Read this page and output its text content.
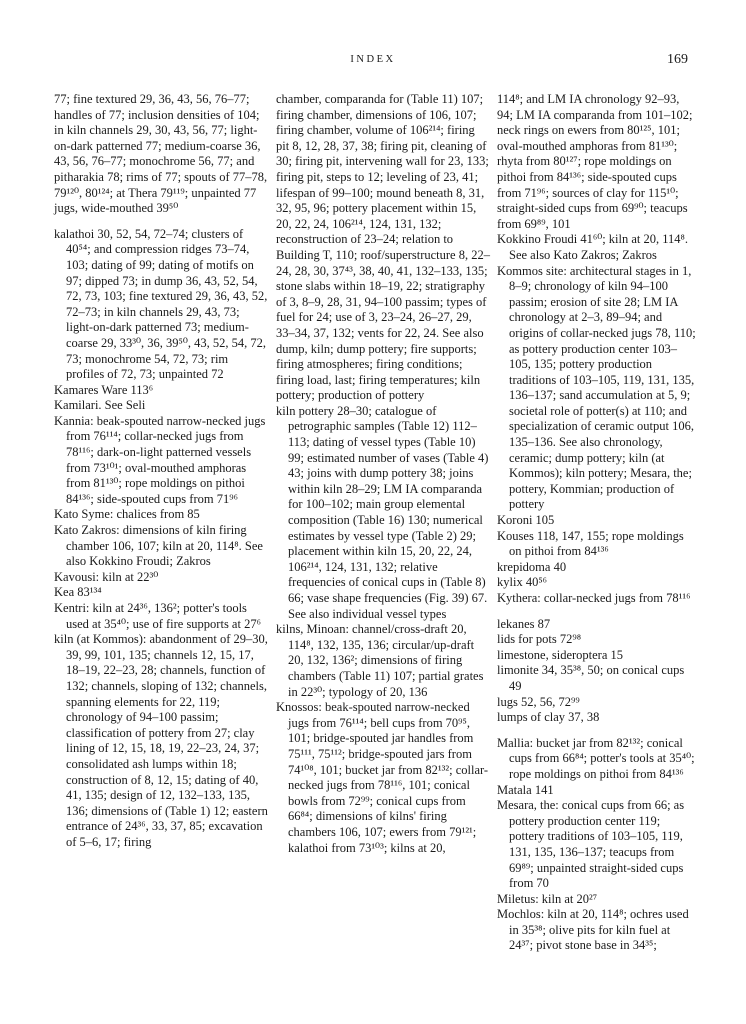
INDEX	169

77; fine textured 29, 36, 43, 56, 76–77; handles of 77; inclusion densities of 104; in kiln channels 29, 30, 43, 56, 77; light-on-dark patterned 77; medium-coarse 36, 43, 56, 76–77; monochrome 56, 77; and pitharakia 78; rims of 77; spouts of 77–78, 79¹²⁰, 80¹²⁴; at Thera 79¹¹⁹; unpainted 77

jugs, wide-mouthed 39⁵⁰

kalathoi 30, 52, 54, 72–74; clusters of 40⁵⁴; and compression ridges 73–74, 103; dating of 99; dating of motifs on 97; dipped 73; in dump 36, 43, 52, 54, 72, 73, 103; fine textured 29, 36, 43, 52, 72–73; in kiln channels 29, 43, 73; light-on-dark patterned 73; medium-coarse 29, 33³⁰, 36, 39⁵⁰, 43, 52, 54, 72, 73; monochrome 54, 72, 73; rim profiles of 72, 73; unpainted 72

Kamares Ware 113⁶

Kamilari. See Seli

Kannia: beak-spouted narrow-necked jugs from 76¹¹⁴; collar-necked jugs from 78¹¹⁶; dark-on-light patterned vessels from 73¹⁰¹; oval-mouthed amphoras from 81¹³⁰; rope moldings on pithoi 84¹³⁶; side-spouted cups from 71⁹⁶

Kato Syme: chalices from 85

Kato Zakros: dimensions of kiln firing chamber 106, 107; kiln at 20, 114⁸. See also Kokkino Froudi; Zakros

Kavousi: kiln at 22³⁰

Kea 83¹³⁴

Kentri: kiln at 24³⁶, 136²; potter's tools used at 35⁴⁰; use of fire supports at 27⁶

kiln (at Kommos): abandonment of 29–30, 39, 99, 101, 135; channels 12, 15, 17, 18–19, 22–23, 28; channels, function of 132; channels, sloping of 132; channels, spanning elements for 22, 119; chronology of 94–100 passim; classification of pottery from 27; clay lining of 12, 15, 18, 19, 22–23, 24, 37; consolidated ash lumps within 18; construction of 8, 12, 15; dating of 40, 41, 135; design of 12, 132–133, 135, 136; dimensions of (Table 1) 12; eastern entrance of 24³⁶, 33, 37, 85; excavation of 5–6, 17; firing

chamber, comparanda for (Table 11) 107; firing chamber, dimensions of 106, 107; firing chamber, volume of 106²¹⁴; firing pit 8, 12, 28, 37, 38; firing pit, cleaning of 30; firing pit, intervening wall for 23, 133; firing pit, steps to 12; leveling of 23, 41; lifespan of 99–100; mound beneath 8, 31, 32, 95, 96; pottery placement within 15, 20, 22, 24, 106²¹⁴, 124, 131, 132; reconstruction of 23–24; relation to Building T, 110; roof/superstructure 8, 22–24, 28, 30, 37⁴³, 38, 40, 41, 132–133, 135; stone slabs within 18–19, 22; stratigraphy of 3, 8–9, 28, 31, 94–100 passim; types of fuel for 24; use of 3, 23–24, 26–27, 29, 33–34, 37, 132; vents for 22, 24. See also dump, kiln; dump pottery; fire supports; firing atmospheres; firing conditions; firing load, last; firing temperatures; kiln pottery; production of pottery

kiln pottery 28–30; catalogue of petrographic samples (Table 12) 112–113; dating of vessel types (Table 10) 99; estimated number of vases (Table 4) 43; joins with dump pottery 38; joins within kiln 28–29; LM IA comparanda for 100–102; main group elemental composition (Table 16) 130; numerical estimates by vessel type (Table 2) 29; placement within kiln 15, 20, 22, 24, 106²¹⁴, 124, 131, 132; relative frequencies of conical cups in (Table 8) 66; vase shape frequencies (Fig. 39) 67. See also individual vessel types

kilns, Minoan: channel/cross-draft 20, 114⁸, 132, 135, 136; circular/up-draft 20, 132, 136²; dimensions of firing chambers (Table 11) 107; partial grates in 22³⁰; typology of 20, 136

Knossos: beak-spouted narrow-necked jugs from 76¹¹⁴; bell cups from 70⁹⁵, 101; bridge-spouted jar handles from 75¹¹¹, 75¹¹²; bridge-spouted jars from 74¹⁰⁸, 101; bucket jar from 82¹³²; collar-necked jugs from 78¹¹⁶, 101; conical bowls from 72⁹⁹; conical cups from 66⁸⁴; dimensions of kilns' firing chambers 106, 107; ewers from 79¹²¹; kalathoi from 73¹⁰³; kilns at 20,

114⁸; and LM IA chronology 92–93, 94; LM IA comparanda from 101–102; neck rings on ewers from 80¹²⁵, 101; oval-mouthed amphoras from 81¹³⁰; rhyta from 80¹²⁷; rope moldings on pithoi from 84¹³⁶; side-spouted cups from 71⁹⁶; sources of clay for 115¹⁰; straight-sided cups from 69⁹⁰; teacups from 69⁸⁹, 101

Kokkino Froudi 41⁶⁰; kiln at 20, 114⁸. See also Kato Zakros; Zakros

Kommos site: architectural stages in 1, 8–9; chronology of kiln 94–100 passim; erosion of site 28; LM IA chronology at 2–3, 89–94; and origins of collar-necked jugs 78, 110; as pottery production center 103–105, 135; pottery production traditions of 103–105, 119, 131, 135, 136–137; sand accumulation at 5, 9; societal role of potter(s) at 110; and specialization of ceramic output 106, 135–136. See also chronology, ceramic; dump pottery; kiln (at Kommos); kiln pottery; Mesara, the; pottery, Kommian; production of pottery

Koroni 105

Kouses 118, 147, 155; rope moldings on pithoi from 84¹³⁶

krepidoma 40

kylix 40⁵⁶

Kythera: collar-necked jugs from 78¹¹⁶

lekanes 87

lids for pots 72⁹⁸

limestone, sideroptera 15

limonite 34, 35³⁸, 50; on conical cups 49

lugs 52, 56, 72⁹⁹

lumps of clay 37, 38

Mallia: bucket jar from 82¹³²; conical cups from 66⁸⁴; potter's tools at 35⁴⁰; rope moldings on pithoi from 84¹³⁶

Matala 141

Mesara, the: conical cups from 66; as pottery production center 119; pottery traditions of 103–105, 119, 131, 135, 136–137; teacups from 69⁸⁹; unpainted straight-sided cups from 70

Miletus: kiln at 20²⁷

Mochlos: kiln at 20, 114⁸; ochres used in 35³⁸; olive pits for kiln fuel at 24³⁷; pivot stone base in 34³⁵;
